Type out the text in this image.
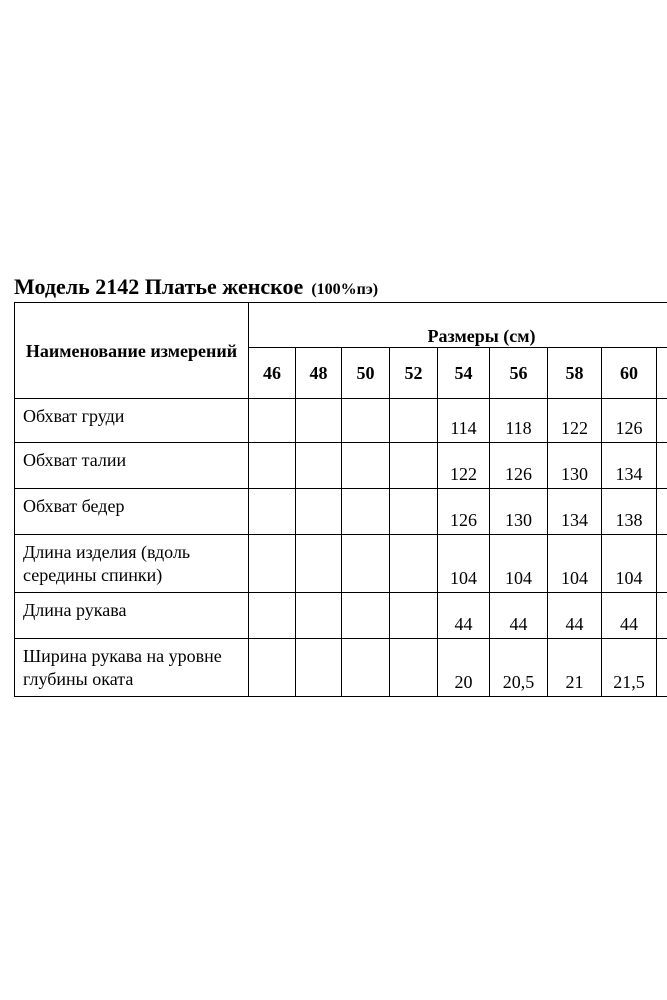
Модель 2142 Платье женское (100%пэ)
Наименование измерений	Размеры (см)								
	46	48	50	52	54	56	58	60	
Обхват груди					114	118	122	126	
Обхват талии					122	126	130	134	
Обхват бедер					126	130	134	138	
Длина изделия (вдоль середины спинки)					104	104	104	104	
Длина рукава					44	44	44	44	
Ширина рукава на уровне глубины оката					20	20,5	21	21,5	
